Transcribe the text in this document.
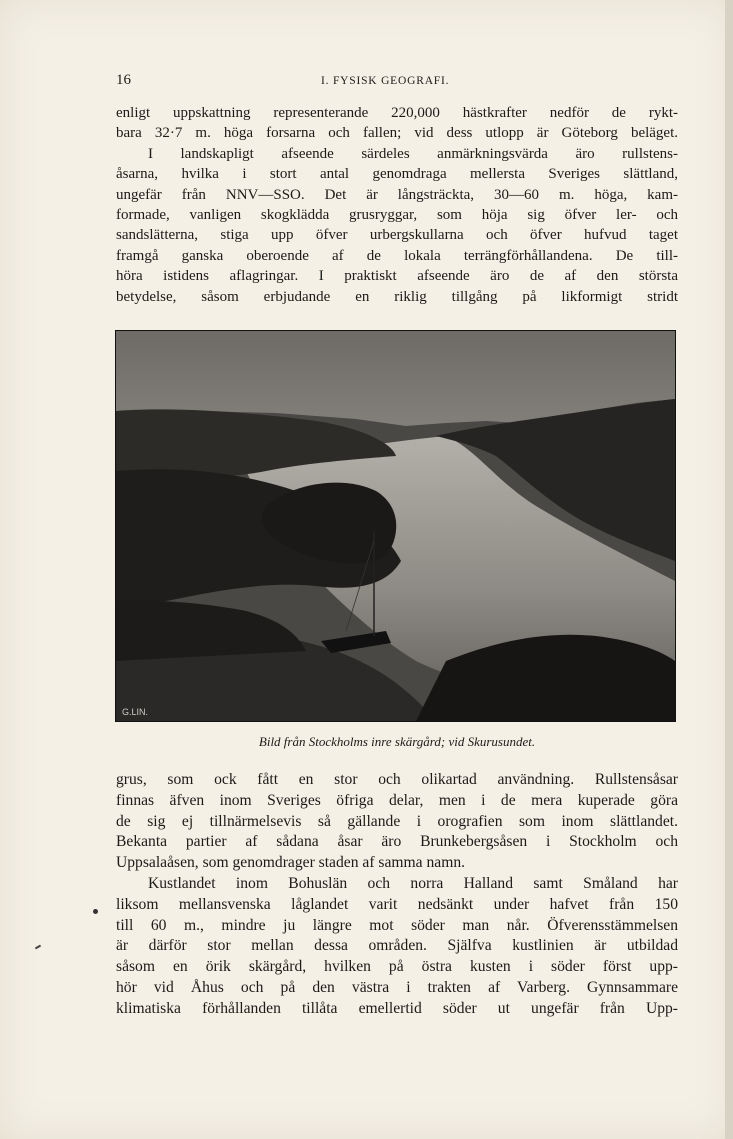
16	I. FYSISK GEOGRAFI.
enligt uppskattning representerande 220,000 hästkrafter nedför de rykt-
bara 32·7 m. höga forsarna och fallen; vid dess utlopp är Göteborg beläget.
I landskapligt afseende särdeles anmärkningsvärda äro rullstens-
åsarna, hvilka i stort antal genomdraga mellersta Sveriges slättland,
ungefär från NNV—SSO. Det är långsträckta, 30—60 m. höga, kam-
formade, vanligen skogklädda grusryggar, som höja sig öfver ler- och
sandslätterna, stiga upp öfver urbergskullarna och öfver hufvud taget
framgå ganska oberoende af de lokala terrängförhållandena. De till-
höra istidens aflagringar. I praktiskt afseende äro de af den största
betydelse, såsom erbjudande en riklig tillgång på likformigt stridt
G.LIN.
Bild från Stockholms inre skärgård; vid Skurusundet.
grus, som ock fått en stor och olikartad användning. Rullstensåsar
finnas äfven inom Sveriges öfriga delar, men i de mera kuperade göra
de sig ej tillnärmelsevis så gällande i orografien som inom slättlandet.
Bekanta partier af sådana åsar äro Brunkebergsåsen i Stockholm och
Uppsalaåsen, som genomdrager staden af samma namn.
Kustlandet inom Bohuslän och norra Halland samt Småland har
liksom mellansvenska låglandet varit nedsänkt under hafvet från 150
till 60 m., mindre ju längre mot söder man når. Öfverensstämmelsen
är därför stor mellan dessa områden. Själfva kustlinien är utbildad
såsom en örik skärgård, hvilken på östra kusten i söder först upp-
hör vid Åhus och på den västra i trakten af Varberg. Gynnsammare
klimatiska förhållanden tillåta emellertid söder ut ungefär från Upp-
